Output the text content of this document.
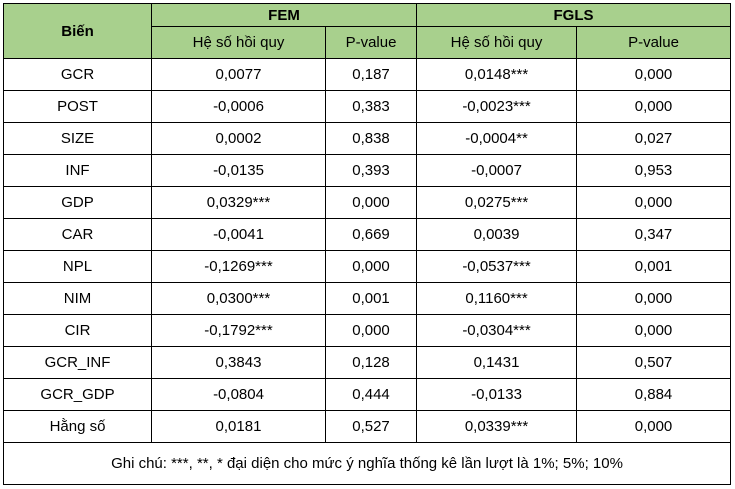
Biến	FEM		FGLS	
	Hệ số hồi quy	P-value	Hệ số hồi quy	P-value
GCR	0,0077	0,187	0,0148***	0,000
POST	-0,0006	0,383	-0,0023***	0,000
SIZE	0,0002	0,838	-0,0004**	0,027
INF	-0,0135	0,393	-0,0007	0,953
GDP	0,0329***	0,000	0,0275***	0,000
CAR	-0,0041	0,669	0,0039	0,347
NPL	-0,1269***	0,000	-0,0537***	0,001
NIM	0,0300***	0,001	0,1160***	0,000
CIR	-0,1792***	0,000	-0,0304***	0,000
GCR_INF	0,3843	0,128	0,1431	0,507
GCR_GDP	-0,0804	0,444	-0,0133	0,884
Hằng số	0,0181	0,527	0,0339***	0,000
Ghi chú: ***, **, * đại diện cho mức ý nghĩa thống kê lần lượt là 1%; 5%; 10%				
